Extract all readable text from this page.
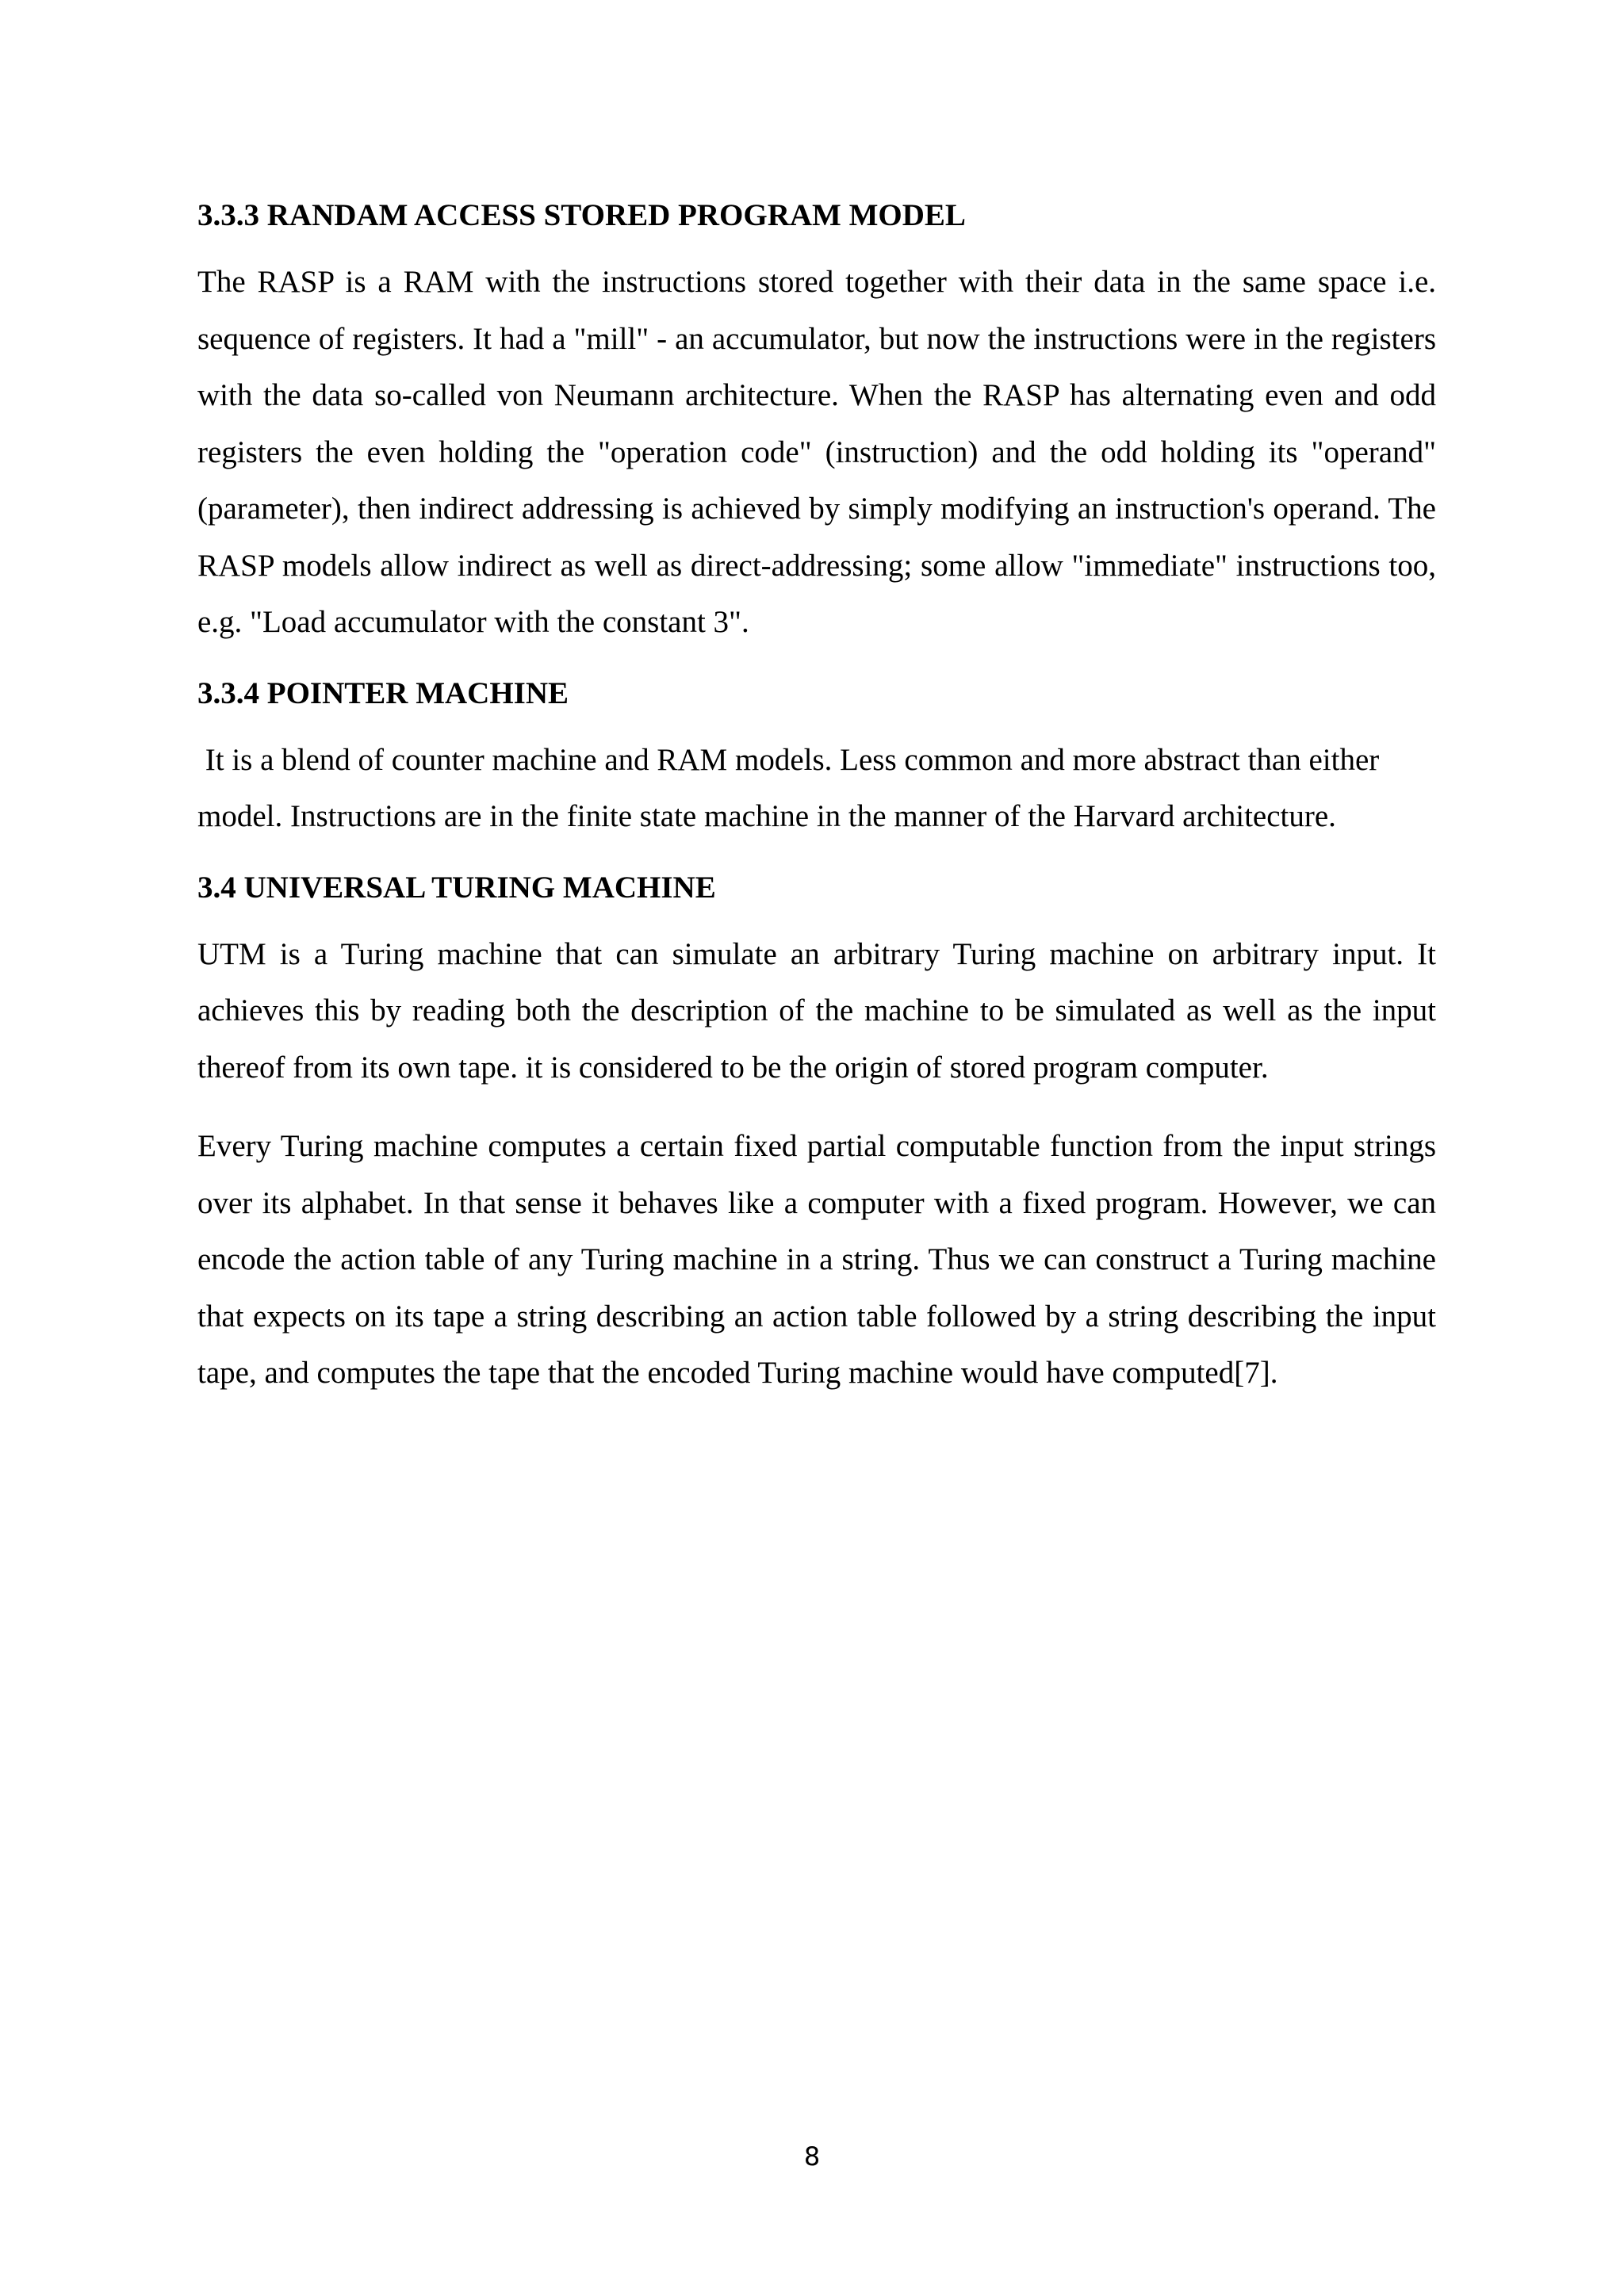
3.3.3 RANDAM ACCESS STORED PROGRAM MODEL

The RASP is a RAM with the instructions stored together with their data in the same space i.e. sequence of registers. It had a "mill" - an accumulator, but now the instructions were in the registers with the data so-called von Neumann architecture. When the RASP has alternating even and odd registers the even holding the "operation code" (instruction) and the odd holding its "operand" (parameter), then indirect addressing is achieved by simply modifying an instruction's operand. The RASP models allow indirect as well as direct-addressing; some allow "immediate" instructions too, e.g. "Load accumulator with the constant 3".

3.3.4 POINTER MACHINE

It is a blend of counter machine and RAM models. Less common and more abstract than either model. Instructions are in the finite state machine in the manner of the Harvard architecture.

3.4 UNIVERSAL TURING MACHINE

UTM is a Turing machine that can simulate an arbitrary Turing machine on arbitrary input. It achieves this by reading both the description of the machine to be simulated as well as the input thereof from its own tape. it is considered to be the origin of stored program computer.

Every Turing machine computes a certain fixed partial computable function from the input strings over its alphabet. In that sense it behaves like a computer with a fixed program. However, we can encode the action table of any Turing machine in a string. Thus we can construct a Turing machine that expects on its tape a string describing an action table followed by a string describing the input tape, and computes the tape that the encoded Turing machine would have computed[7].

8
